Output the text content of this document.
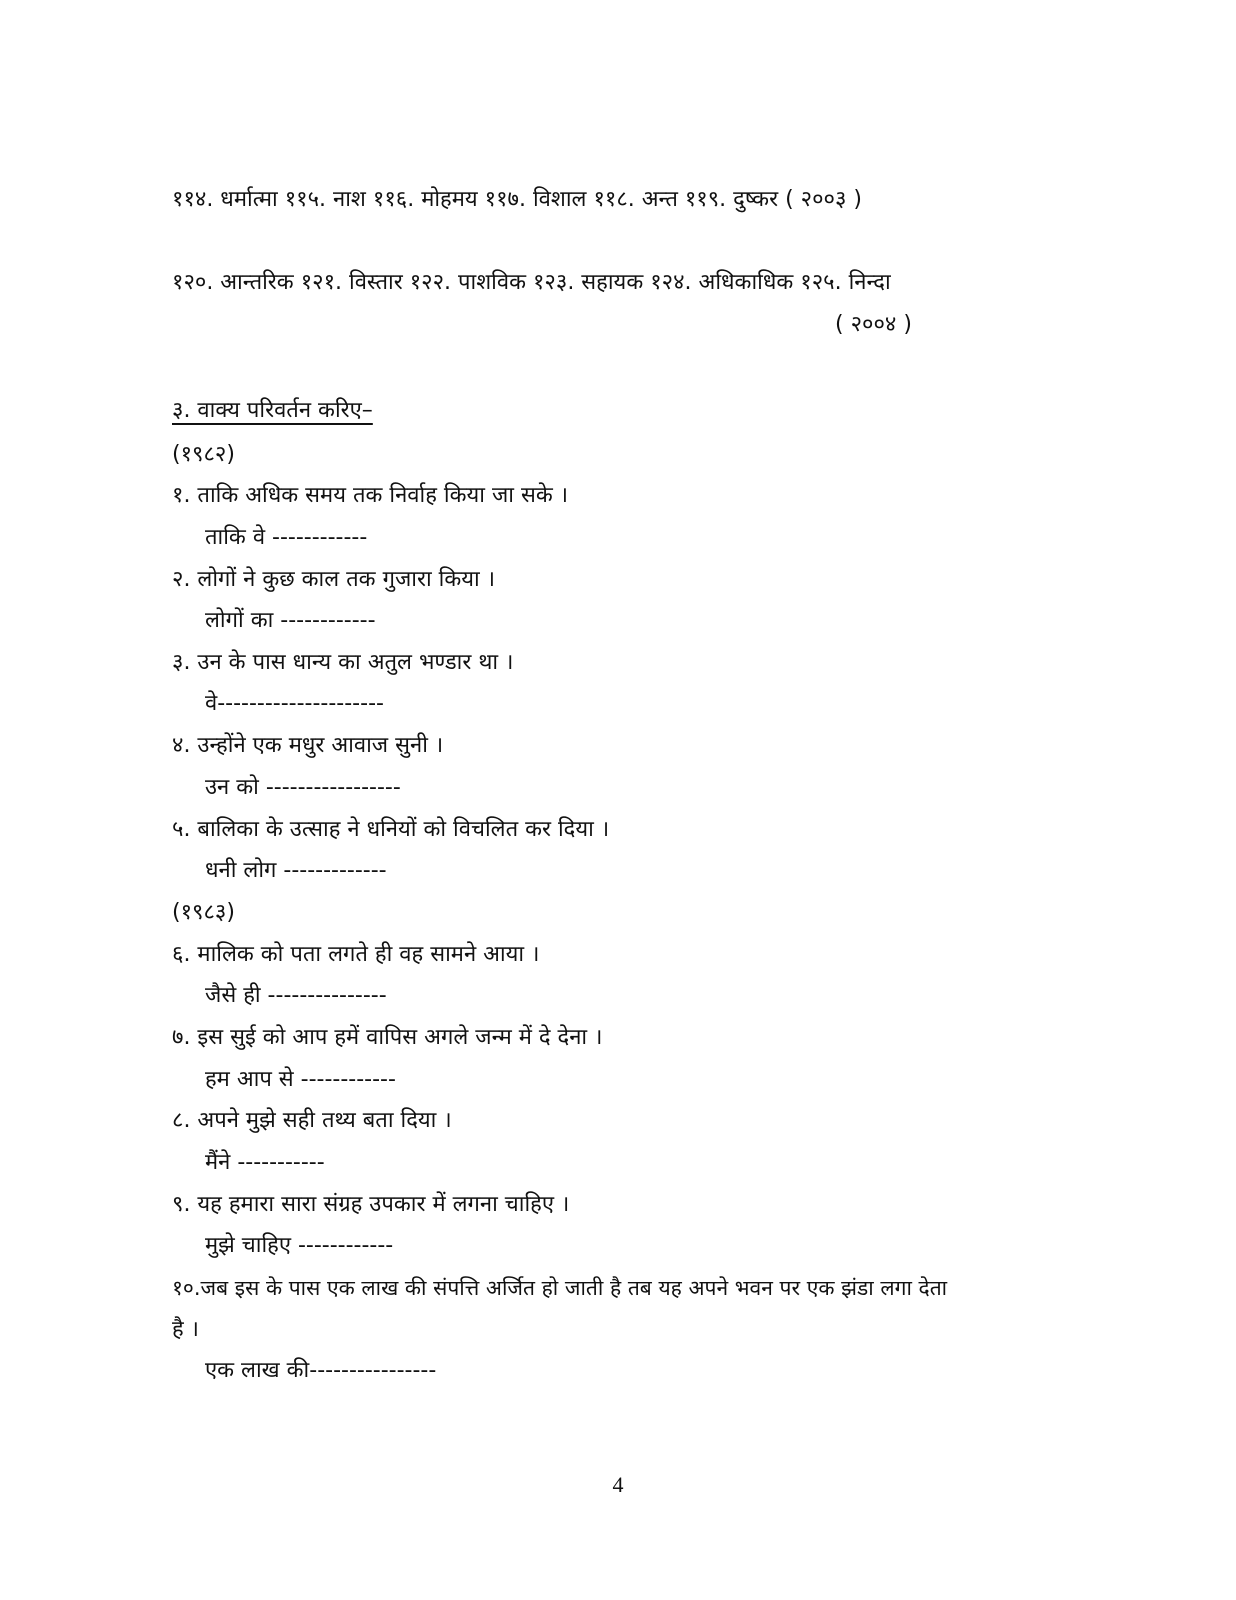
११४. धर्मात्मा ११५. नाश ११६. मोहमय ११७. विशाल ११८. अन्त ११९. दुष्कर ( २००३ )
१२०. आन्तरिक १२१. विस्तार १२२. पाशविक १२३. सहायक १२४. अधिकाधिक १२५. निन्दा
( २००४ )
३. वाक्य परिवर्तन करिए–
(१९८२)
१. ताकि अधिक समय तक निर्वाह किया जा सके ।
ताकि वे ------------
२. लोगों ने कुछ काल तक गुजारा किया ।
लोगों का ------------
३. उन के पास धान्य का अतुल भण्डार था ।
वे---------------------
४. उन्होंने एक मधुर आवाज सुनी ।
उन को -----------------
५. बालिका के उत्साह ने धनियों को विचलित कर दिया ।
धनी लोग -------------
(१९८३)
६. मालिक को पता लगते ही वह सामने आया ।
जैसे ही ---------------
७. इस सुई को आप हमें वापिस अगले जन्म में दे देना ।
हम आप से ------------
८. अपने मुझे सही तथ्य बता दिया ।
मैंने -----------
९. यह हमारा सारा संग्रह उपकार में लगना चाहिए ।
मुझे चाहिए ------------
१०.जब इस के पास एक लाख की संपत्ति अर्जित हो जाती है तब यह अपने भवन पर एक झंडा लगा देता
है ।
एक लाख की----------------
4
